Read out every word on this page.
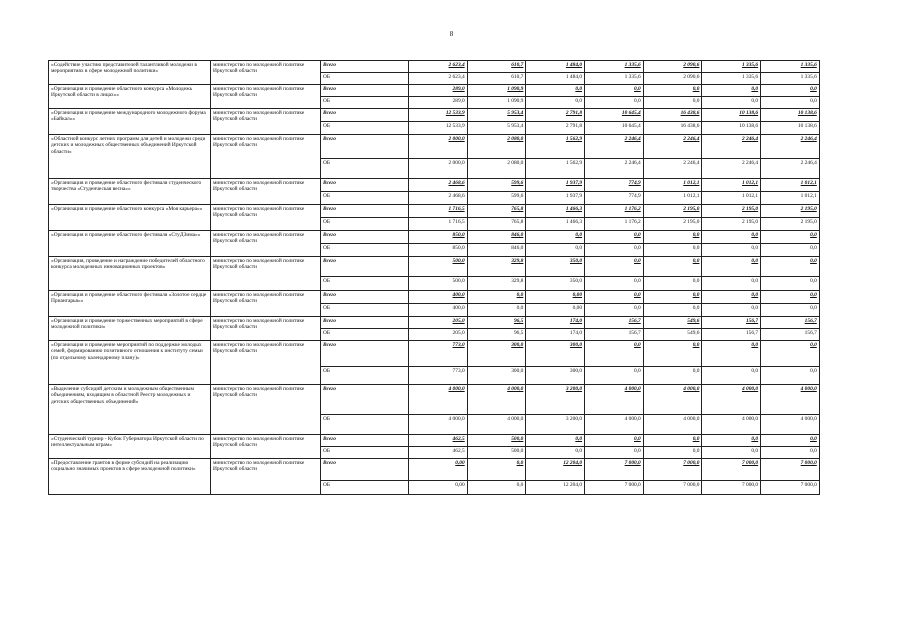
8
«Содействие участию представителей талантливой молодежи в мероприятиях в сфере молодежной политики»	министерство по молодежной политике Иркутской области	Всего	2 623,4	610,7	1 484,0	1 335,6	2 090,6	1 335,6	1 335,6
		ОБ	2 623,4	610,7	1 484,0	1 335,6	2 090,6	1 335,6	1 335,6
«Организация и проведение областного конкурса «Молодежь Иркутской области в лицах»»	министерство по молодежной политике Иркутской области	Всего	289,0	1 090,9	0,0	0,0	0,0	0,0	0,0
		ОБ	289,0	1 090,9	0,0	0,0	0,0	0,0	0,0
«Организация и проведение международного молодежного форума «Байкал»»	министерство по молодежной политике Иркутской области	Всего	12 533,9	5 953,4	2 791,8	10 645,4	16 438,6	10 138,6	10 138,6
		ОБ	12 533,9	5 953,4	2 791,8	10 645,4	16 438,6	10 138,6	10 138,6
«Областной конкурс летних программ для детей и молодежи среди детских и молодежных общественных объединений Иркутской области»	министерство по молодежной политике Иркутской области	Всего	2 000,0	2 080,0	1 562,9	2 246,4	2 246,4	2 246,4	2 246,4
		ОБ	2 000,0	2 080,0	1 562,9	2 246,4	2 246,4	2 246,4	2 246,4
«Организация и проведение областного фестиваля студенческого творчества «Студенческая весна»»	министерство по молодежной политике Иркутской области	Всего	2 468,6	599,6	1 937,9	774,9	1 012,1	1 012,1	1 012,1
		ОБ	2 468,6	599,6	1 937,9	774,9	1 012,1	1 012,1	1 012,1
«Организация и проведение областного конкурса «Моя карьера»»	министерство по молодежной политике Иркутской области	Всего	1 716,5	765,8	1 466,3	1 176,2	2 195,0	2 195,0	2 195,0
		ОБ	1 716,5	765,8	1 466,3	1 176,2	2 195,0	2 195,0	2 195,0
«Организация и проведение областного фестиваля «СтуДЗима»»	министерство по молодежной политике Иркутской области	Всего	850,0	846,0	0,0	0,0	0,0	0,0	0,0
		ОБ	850,0	846,0	0,0	0,0	0,0	0,0	0,0
«Организация, проведение и награждение победителей областного конкурса молодежных инновационных проектов»	министерство по молодежной политике Иркутской области	Всего	500,0	329,8	350,0	0,0	0,0	0,0	0,0
		ОБ	500,0	329,8	350,0	0,0	0,0	0,0	0,0
«Организация и проведение областного фестиваля «Золотое сердце Приангарья»»	министерство по молодежной политике Иркутской области	Всего	400,0	0,0	0,00	0,0	0,0	0,0	0,0
		ОБ	400,0	0,0	0,00	0,0	0,0	0,0	0,0
«Организация и проведение торжественных мероприятий в сфере молодежной политики»	министерство по молодежной политике Иркутской области	Всего	205,0	96,5	174,0	156,7	549,6	156,7	156,7
		ОБ	205,0	96,5	174,0	156,7	549,6	156,7	156,7
«Организация и проведение мероприятий по поддержке молодых семей, формированию позитивного отношения к институту семьи (по отдельному календарному плану)»	министерство по молодежной политике Иркутской области	Всего	773,0	300,0	300,0	0,0	0,0	0,0	0,0
		ОБ	773,0	300,0	300,0	0,0	0,0	0,0	0,0
«Выделение субсидий детским и молодежным общественным объединениям, входящим в областной Реестр молодежных и детских общественных объединений»	министерство по молодежной политике Иркутской области	Всего	4 000,0	4 000,0	3 200,0	4 000,0	4 000,0	4 000,0	4 000,0
		ОБ	4 000,0	4 000,0	3 200,0	4 000,0	4 000,0	4 000,0	4 000,0
«Студенческий турнир - Кубок Губернатора Иркутской области по интеллектуальным играм»	министерство по молодежной политике Иркутской области	Всего	462,5	500,0	0,0	0,0	0,0	0,0	0,0
		ОБ	462,5	500,0	0,0	0,0	0,0	0,0	0,0
«Предоставление грантов в форме субсидий на реализацию социально значимых проектов в сфере молодежной политики»	министерство по молодежной политике Иркутской области	Всего	0,00	0,0	12 204,0	7 000,0	7 000,0	7 000,0	7 000,0
		ОБ	0,00	0,0	12 204,0	7 000,0	7 000,0	7 000,0	7 000,0
